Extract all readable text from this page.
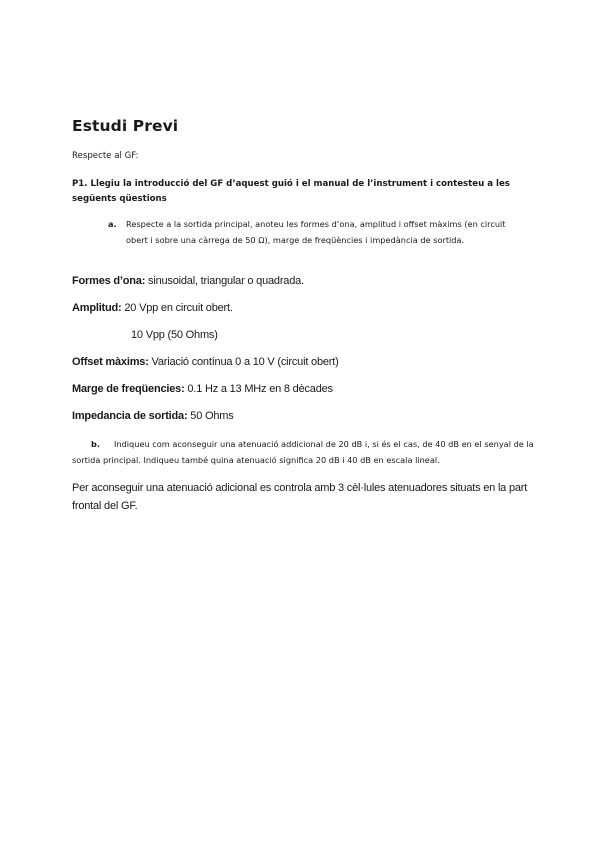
Estudi Previ
Respecte al GF:
P1. Llegiu la introducció del GF d’aquest guió i el manual de l’instrument i contesteu a les següents qüestions
a. Respecte a la sortida principal, anoteu les formes d’ona, amplitud i offset màxims (en circuit obert i sobre una càrrega de 50 Ω), marge de freqüències i impedància de sortida.
Formes d’ona: sinusoidal, triangular o quadrada.
Amplitud: 20 Vpp en circuit obert.
10 Vpp (50 Ohms)
Offset màxims: Variació contínua 0 a 10 V (circuit obert)
Marge de freqüencies: 0.1 Hz a 13 MHz en 8 dècades
Impedancia de sortida: 50 Ohms
b. Indiqueu com aconseguir una atenuació addicional de 20 dB i, si és el cas, de 40 dB en el senyal de la sortida principal. Indiqueu també quina atenuació significa 20 dB i 40 dB en escala lineal.
Per aconseguir una atenuació adicional es controla amb 3 cèl·lules atenuadores situats en la part frontal del GF.
